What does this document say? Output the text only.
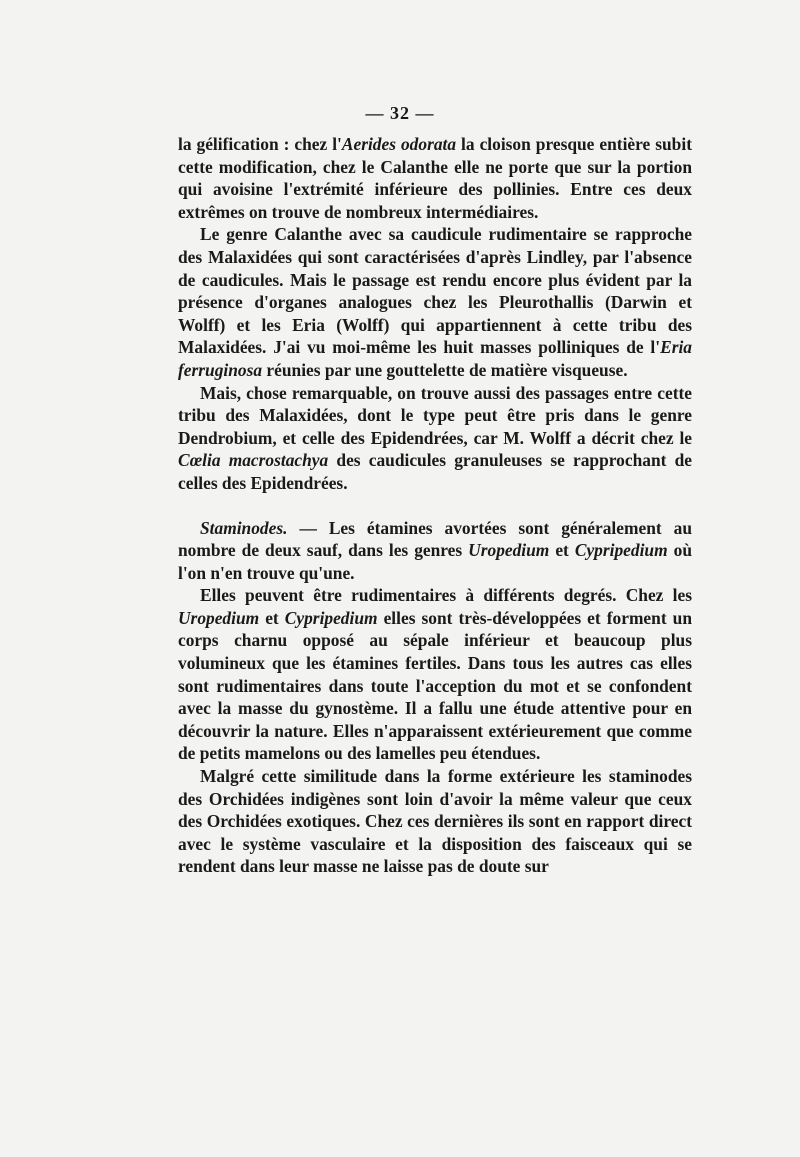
— 32 —

la gélification : chez l'Aerides odorata la cloison presque entière subit cette modification, chez le Calanthe elle ne porte que sur la portion qui avoisine l'extrémité inférieure des pollinies. Entre ces deux extrêmes on trouve de nombreux intermédiaires.

Le genre Calanthe avec sa caudicule rudimentaire se rapproche des Malaxidées qui sont caractérisées d'après Lindley, par l'absence de caudicules. Mais le passage est rendu encore plus évident par la présence d'organes analogues chez les Pleurothallis (Darwin et Wolff) et les Eria (Wolff) qui appartiennent à cette tribu des Malaxidées. J'ai vu moi-même les huit masses polliniques de l'Eria ferruginosa réunies par une gouttelette de matière visqueuse.

Mais, chose remarquable, on trouve aussi des passages entre cette tribu des Malaxidées, dont le type peut être pris dans le genre Dendrobium, et celle des Epidendrées, car M. Wolff a décrit chez le Cœlia macrostachya des caudicules granuleuses se rapprochant de celles des Epidendrées.

Staminodes. — Les étamines avortées sont généralement au nombre de deux sauf, dans les genres Uropedium et Cypripedium où l'on n'en trouve qu'une.

Elles peuvent être rudimentaires à différents degrés. Chez les Uropedium et Cypripedium elles sont très-développées et forment un corps charnu opposé au sépale inférieur et beaucoup plus volumineux que les étamines fertiles. Dans tous les autres cas elles sont rudimentaires dans toute l'acception du mot et se confondent avec la masse du gynostème. Il a fallu une étude attentive pour en découvrir la nature. Elles n'apparaissent extérieurement que comme de petits mamelons ou des lamelles peu étendues.

Malgré cette similitude dans la forme extérieure les staminodes des Orchidées indigènes sont loin d'avoir la même valeur que ceux des Orchidées exotiques. Chez ces dernières ils sont en rapport direct avec le système vasculaire et la disposition des faisceaux qui se rendent dans leur masse ne laisse pas de doute sur
